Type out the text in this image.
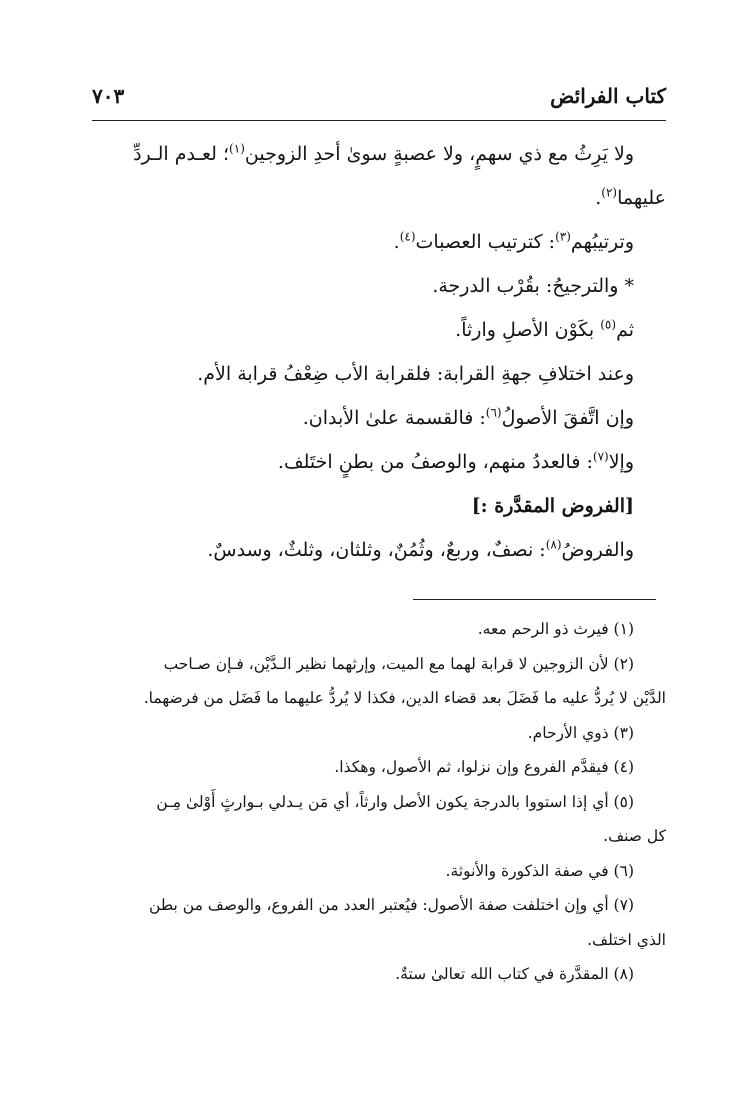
كتاب الفرائض
٧٠٣

ولا يَرِثُ مع ذي سهمٍ، ولا عصبةٍ سوىٰ أحدِ الزوجين$^{(١)}$؛ لعـدم الـردِّ

عليهما$^{(٢)}$.

وترتيبُهم$^{(٣)}$: كترتيب العصبات$^{(٤)}$.

* والترجيحُ: بقُرْب الدرجة.

ثم$^{(٥)}$ بكَوْن الأصلِ وارثاً.

وعند اختلافِ جهةِ القرابة: فلقرابة الأب ضِعْفُ قرابة الأم.

وإن اتَّفقَ الأصولُ$^{(٦)}$: فالقسمة علىٰ الأبدان.

وإلا$^{(٧)}$: فالعددُ منهم، والوصفُ من بطنٍ اختَلف.

[الفروض المقدَّرة :]

والفروضُ$^{(٨)}$: نصفٌ، وربعٌ، وثُمُنٌ، وثلثان، وثلثٌ، وسدسٌ.

(١) فيرث ذو الرحم معه.

(٢) لأن الزوجين لا قرابة لهما مع الميت، وإرثهما نظير الـدَّيْن، فـإن صـاحب

الدَّيْن لا يُردُّ عليه ما فَضَلَ بعد قضاء الدين، فكذا لا يُردُّ عليهما ما فَضَل من فرضهما.

(٣) ذوي الأرحام.

(٤) فيقدَّم الفروع وإن نزلوا، ثم الأصول، وهكذا.

(٥) أي إذا استووا بالدرجة يكون الأصل وارثاً، أي مَن يـدلي بـوارثٍ أَوْلىٰ مِـن

كل صنف.

(٦) في صفة الذكورة والأنوثة.

(٧) أي وإن اختلفت صفة الأصول: فيُعتبر العدد من الفروع، والوصف من بطن

الذي اختلف.

(٨) المقدَّرة في كتاب الله تعالىٰ ستةٌ.
